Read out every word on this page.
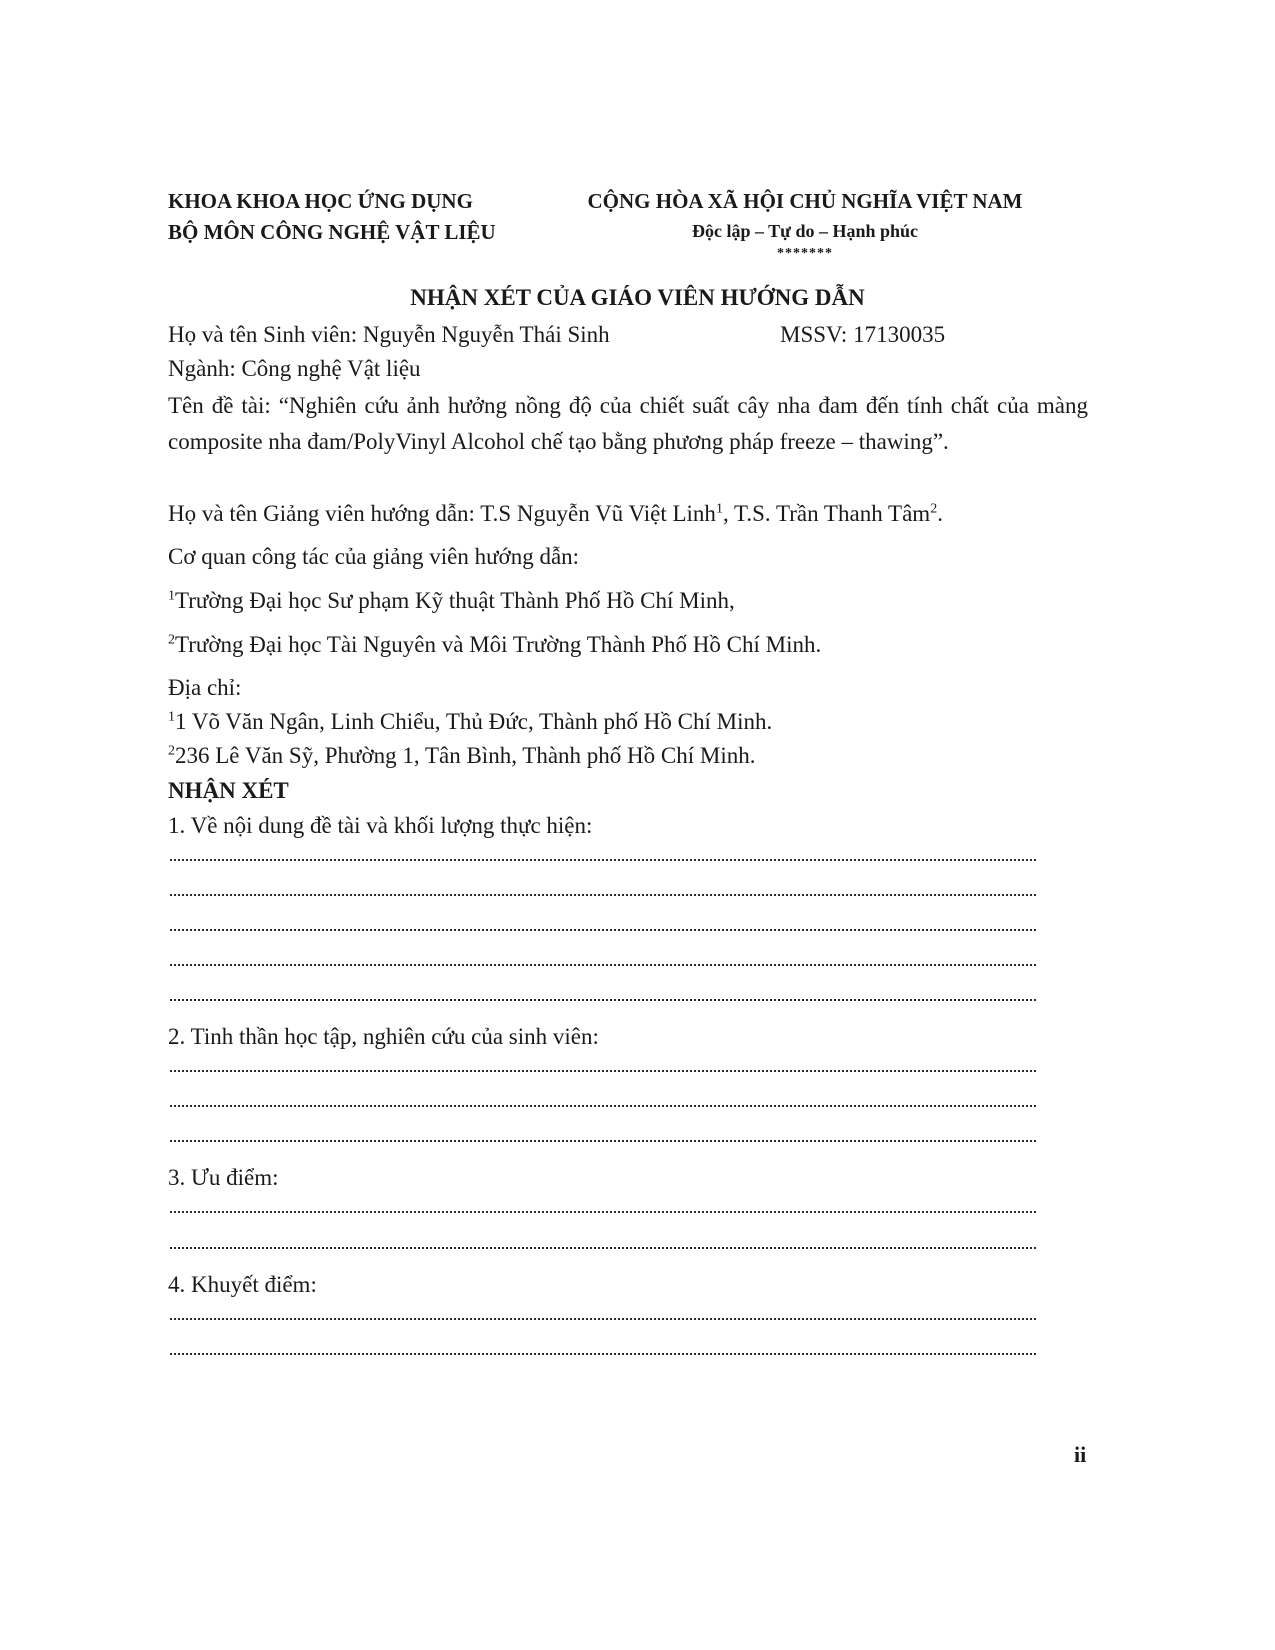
KHOA KHOA HỌC ỨNG DỤNG
BỘ MÔN CÔNG NGHỆ VẬT LIỆU
CỘNG HÒA XÃ HỘI CHỦ NGHĨA VIỆT NAM
Độc lập – Tự do – Hạnh phúc
*******
NHẬN XÉT CỦA GIÁO VIÊN HƯỚNG DẪN
Họ và tên Sinh viên: Nguyễn Nguyễn Thái Sinh	MSSV: 17130035
Ngành: Công nghệ Vật liệu
Tên đề tài: “Nghiên cứu ảnh hưởng nồng độ của chiết suất cây nha đam đến tính chất của màng composite nha đam/PolyVinyl Alcohol chế tạo bằng phương pháp freeze – thawing”.
Họ và tên Giảng viên hướng dẫn: T.S Nguyễn Vũ Việt Linh$^1$, T.S. Trần Thanh Tâm$^2$.
Cơ quan công tác của giảng viên hướng dẫn:
$^1$Trường Đại học Sư phạm Kỹ thuật Thành Phố Hồ Chí Minh,
$^2$Trường Đại học Tài Nguyên và Môi Trường Thành Phố Hồ Chí Minh.
Địa chỉ:
$^1$1 Võ Văn Ngân, Linh Chiểu, Thủ Đức, Thành phố Hồ Chí Minh.
$^2$236 Lê Văn Sỹ, Phường 1, Tân Bình, Thành phố Hồ Chí Minh.
NHẬN XÉT
1. Về nội dung đề tài và khối lượng thực hiện:
2. Tinh thần học tập, nghiên cứu của sinh viên:
3. Ưu điểm:
4. Khuyết điểm:
ii
